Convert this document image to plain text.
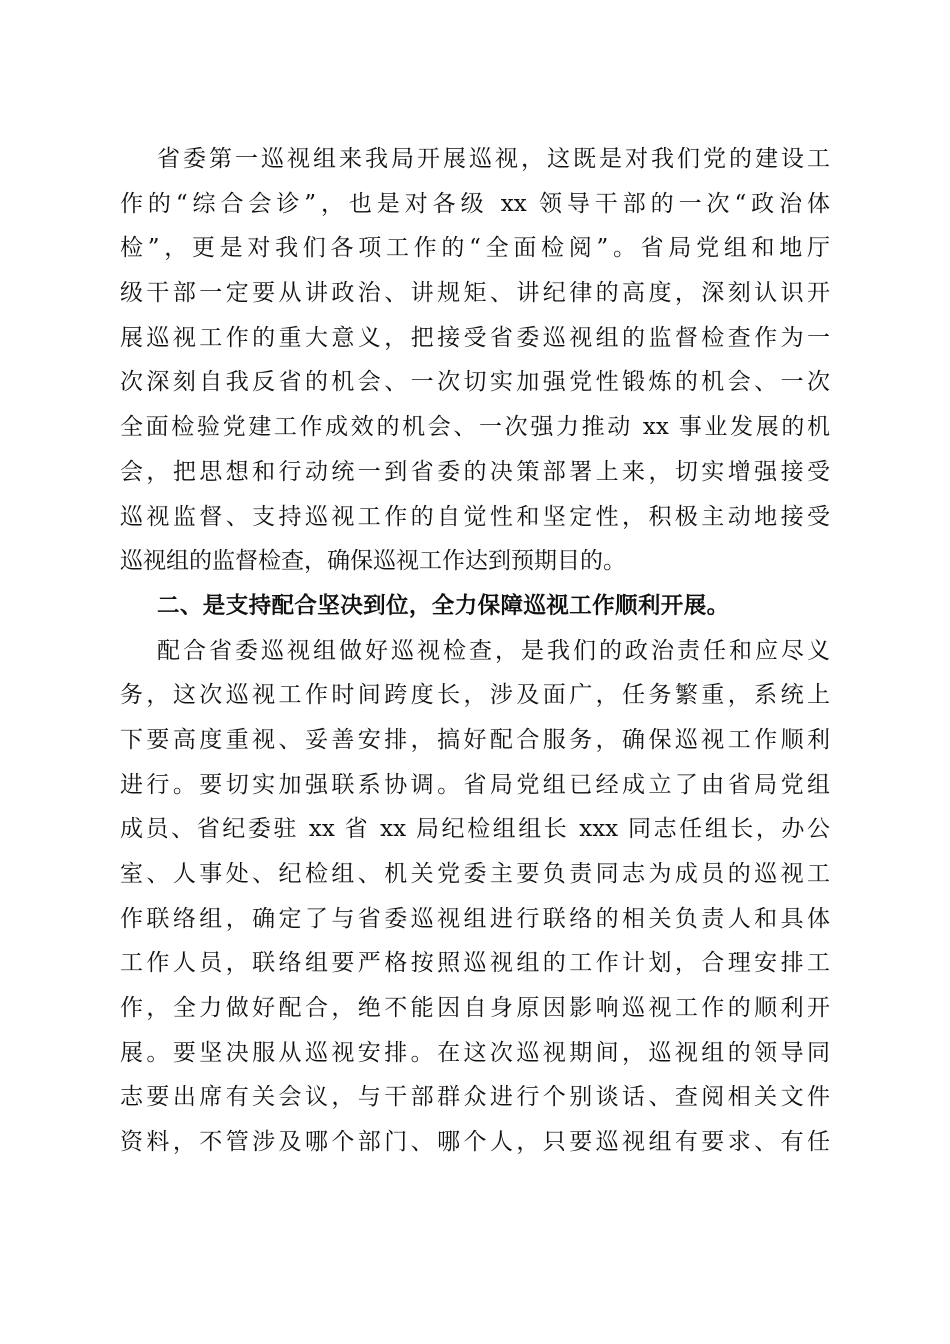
省委第一巡视组来我局开展巡视，这既是对我们党的建设工
作的“综合会诊”，也是对各级 xx 领导干部的一次“政治体
检”，更是对我们各项工作的“全面检阅”。省局党组和地厅
级干部一定要从讲政治、讲规矩、讲纪律的高度，深刻认识开
展巡视工作的重大意义，把接受省委巡视组的监督检查作为一
次深刻自我反省的机会、一次切实加强党性锻炼的机会、一次
全面检验党建工作成效的机会、一次强力推动 xx 事业发展的机
会，把思想和行动统一到省委的决策部署上来，切实增强接受
巡视监督、支持巡视工作的自觉性和坚定性，积极主动地接受
巡视组的监督检查，确保巡视工作达到预期目的。
二、是支持配合坚决到位，全力保障巡视工作顺利开展。
配合省委巡视组做好巡视检查，是我们的政治责任和应尽义
务，这次巡视工作时间跨度长，涉及面广，任务繁重，系统上
下要高度重视、妥善安排，搞好配合服务，确保巡视工作顺利
进行。要切实加强联系协调。省局党组已经成立了由省局党组
成员、省纪委驻 xx 省 xx 局纪检组组长 xxx 同志任组长，办公
室、人事处、纪检组、机关党委主要负责同志为成员的巡视工
作联络组，确定了与省委巡视组进行联络的相关负责人和具体
工作人员，联络组要严格按照巡视组的工作计划，合理安排工
作，全力做好配合，绝不能因自身原因影响巡视工作的顺利开
展。要坚决服从巡视安排。在这次巡视期间，巡视组的领导同
志要出席有关会议，与干部群众进行个别谈话、查阅相关文件
资料，不管涉及哪个部门、哪个人，只要巡视组有要求、有任
